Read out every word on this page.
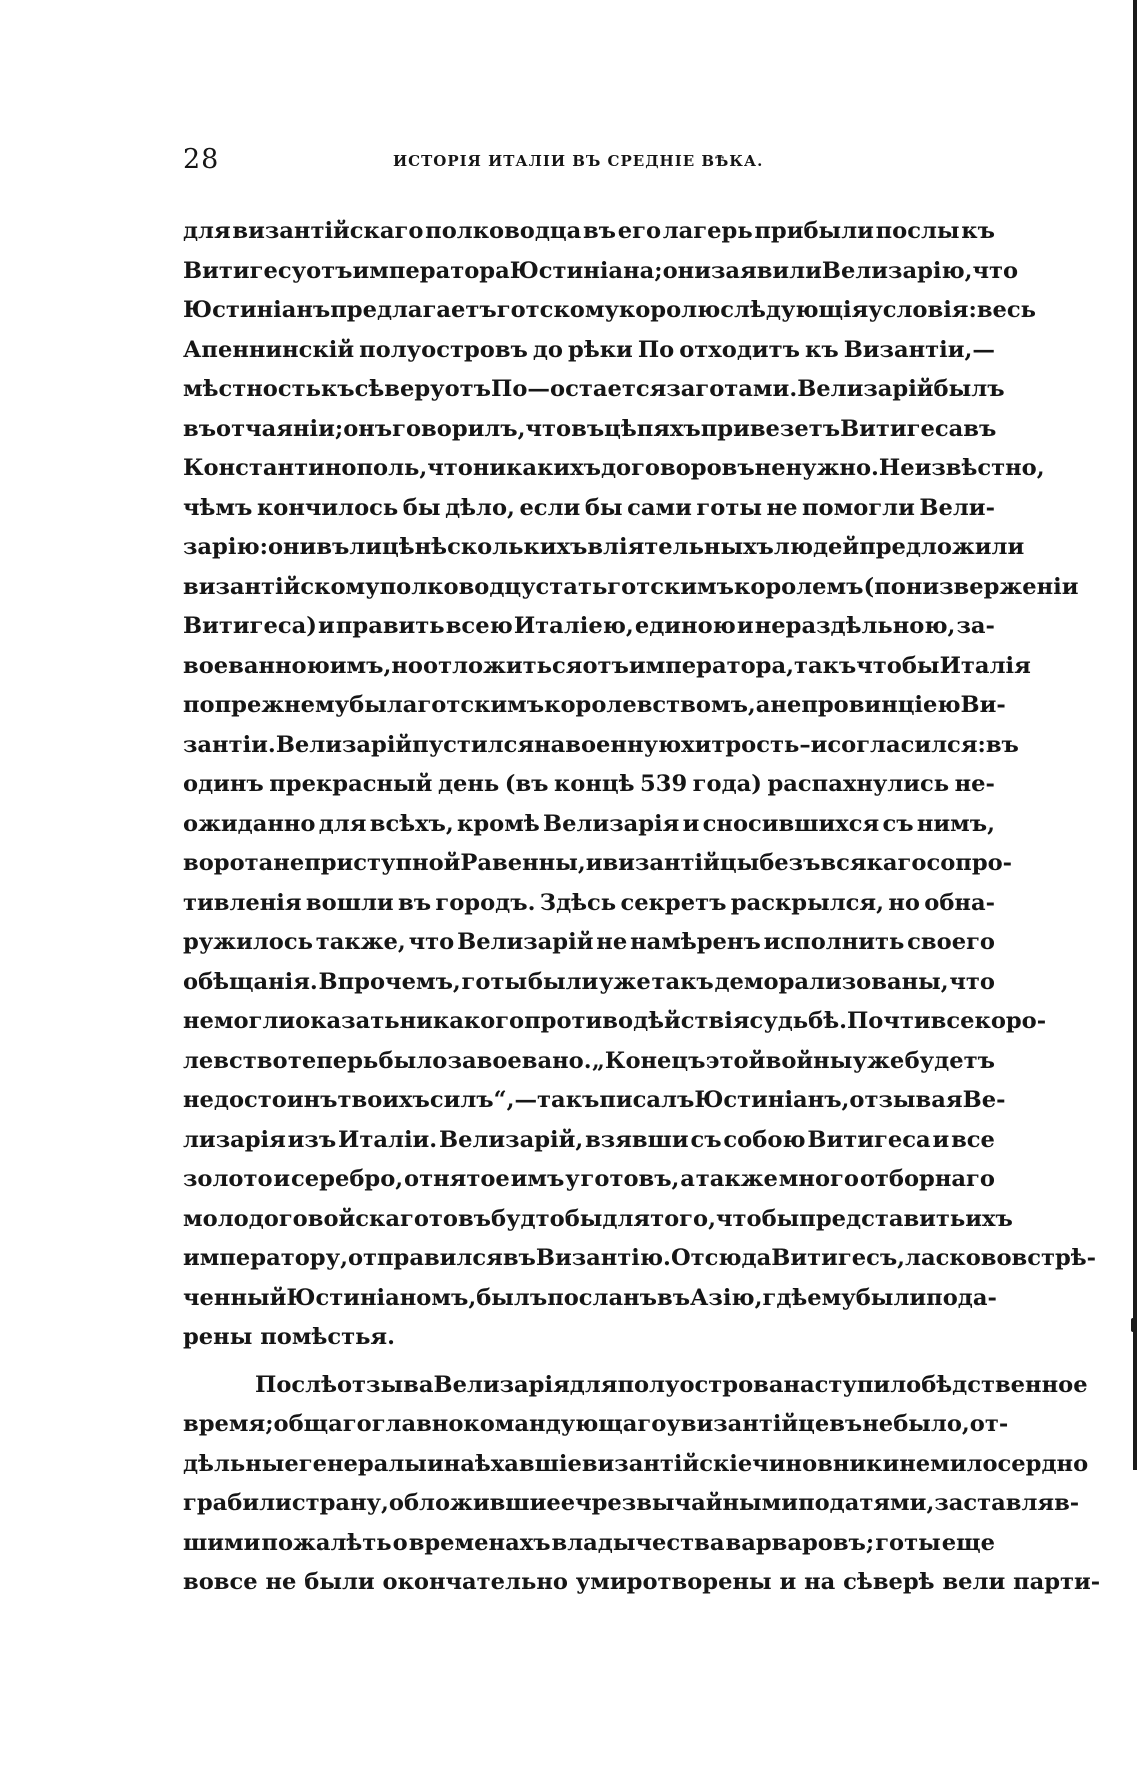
28	ИСТОРІЯ ИТАЛІИ ВЪ СРЕДНІЕ ВѢКА.
для византійскаго полководца въ его лагерь прибыли послы къ
Витигесу отъ императора Юстиніана; они заявили Велизарію, что
Юстиніанъ предлагаетъ готскому королю слѣдующія условія: весь
Апеннинскій полуостровъ до рѣки По отходитъ къ Византіи,—
мѣстность къ сѣверу отъ По — остается за готами. Велизарій былъ
въ отчаяніи; онъ говорилъ, что въ цѣпяхъ привезетъ Витигеса въ
Константинополь, что никакихъ договоровъ не нужно. Неизвѣстно,
чѣмъ кончилось бы дѣло, если бы сами готы не помогли Вели-
зарію: они въ лицѣ нѣсколькихъ вліятельныхъ людей предложили
византійскому полководцу стать готскимъ королемъ (по низверженіи
Витигеса) и править всею Италіею, единою и нераздѣльною, за-
воеванною имъ, но отложиться отъ императора, такъ чтобы Италія
по прежнему была готскимъ королевствомъ, а не провинціею Ви-
зантіи. Велизарій пустился на военную хитрость – и согласился: въ
одинъ прекрасный день (въ концѣ 539 года) распахнулись не-
ожиданно для всѣхъ, кромѣ Велизарія и сносившихся съ нимъ,
ворота неприступной Равенны, и византійцы безъ всякаго сопро-
тивленія вошли въ городъ. Здѣсь секретъ раскрылся, но обна-
ружилось также, что Велизарій не намѣренъ исполнить своего
обѣщанія. Впрочемъ, готы были уже такъ деморализованы, что
не могли оказать никакого противодѣйствія судьбѣ. Почти все коро-
левство теперь было завоевано. „Конецъ этой войны уже будетъ
недостоинъ твоихъ силъ“,—такъ писалъ Юстиніанъ, отзывая Ве-
лизарія изъ Италіи. Велизарій, взявши съ собою Витигеса и все
золото и серебро, отнятое имъ у готовъ, а также много отборнаго
молодого войска готовъ будто бы для того, чтобы представить ихъ
императору, отправился въ Византію. Отсюда Витигесъ, ласково встрѣ-
ченный Юстиніаномъ, былъ посланъ въ Азію, гдѣ ему были пода-
рены помѣстья.
Послѣ отзыва Велизарія для полуострова наступило бѣдственное
время; общаго главнокомандующаго у византійцевъ не было, от-
дѣльные генералы и наѣхавшіе византійскіе чиновники немилосердно
грабили страну, обложивши ее чрезвычайными податями, заставляв-
шими пожалѣть о временахъ владычества варваровъ; готы еще
вовсе не были окончательно умиротворены и на сѣверѣ вели парти-
